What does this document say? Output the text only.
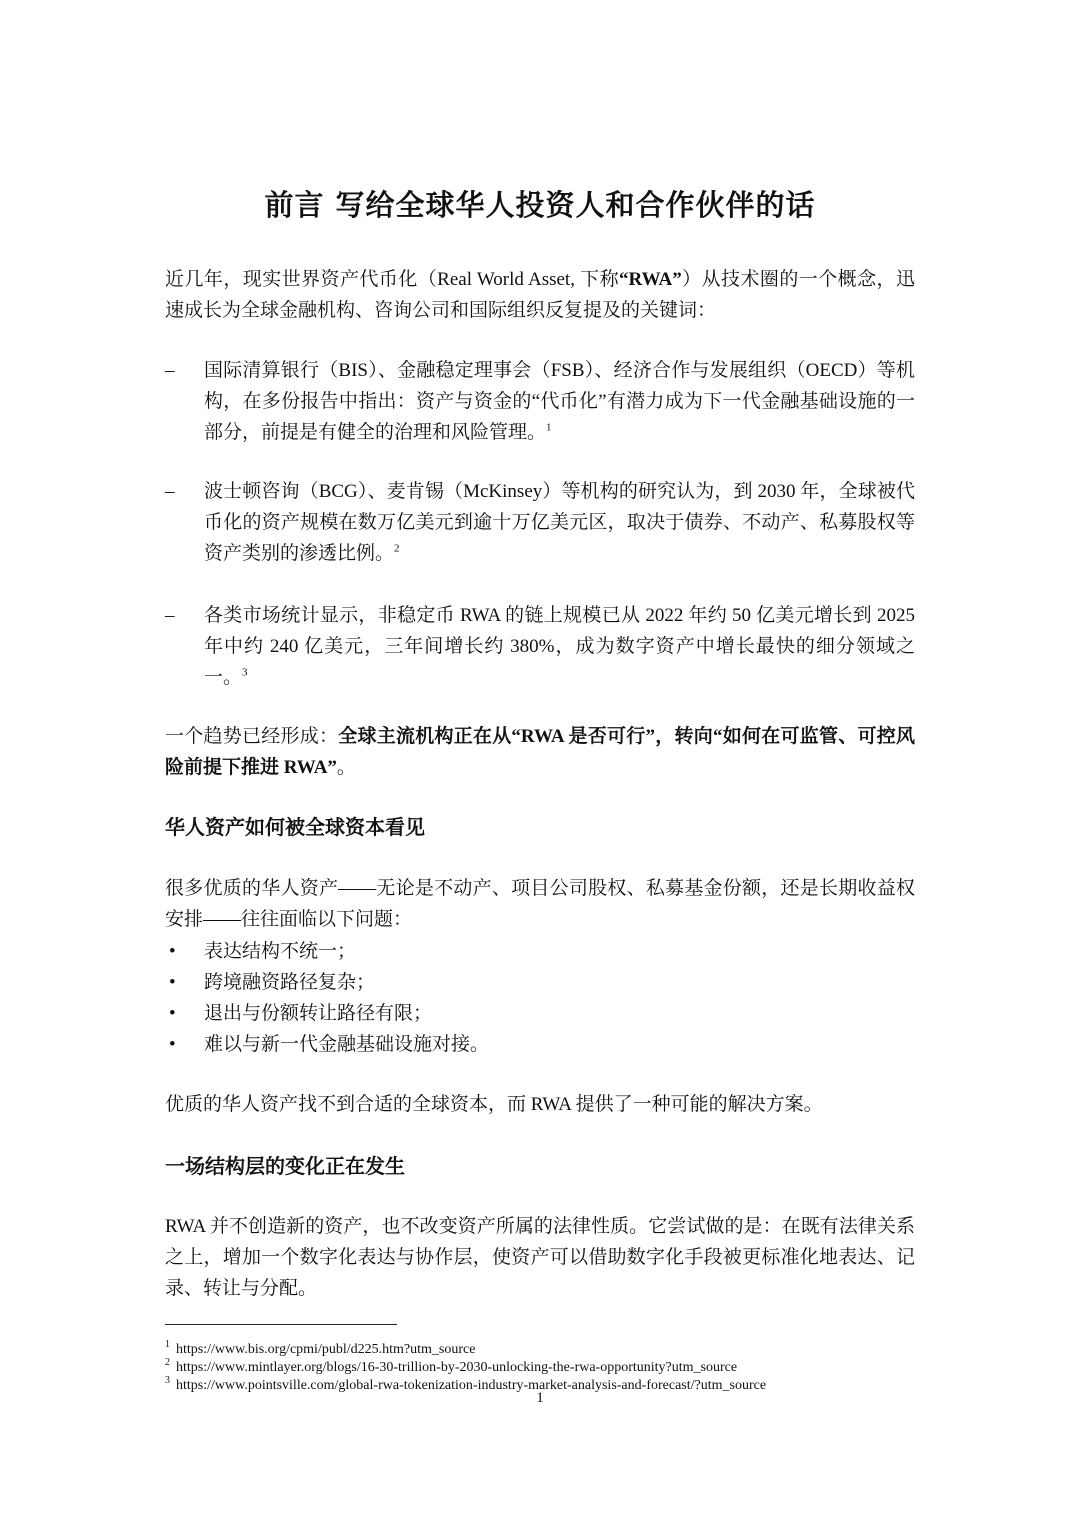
前言 写给全球华人投资人和合作伙伴的话
近几年，现实世界资产代币化（Real World Asset, 下称“RWA”）从技术圈的一个概念，迅速成长为全球金融机构、咨询公司和国际组织反复提及的关键词：
–	国际清算银行（BIS）、金融稳定理事会（FSB）、经济合作与发展组织（OECD）等机构，在多份报告中指出：资产与资金的“代币化”有潜力成为下一代金融基础设施的一部分，前提是有健全的治理和风险管理。$^1$
–	波士顿咨询（BCG）、麦肯锡（McKinsey）等机构的研究认为，到 2030 年，全球被代币化的资产规模在数万亿美元到逾十万亿美元区，取决于债券、不动产、私募股权等资产类别的渗透比例。$^2$
–	各类市场统计显示，非稳定币 RWA 的链上规模已从 2022 年约 50 亿美元增长到 2025 年中约 240 亿美元，三年间增长约 380%，成为数字资产中增长最快的细分领域之一。$^3$
一个趋势已经形成：全球主流机构正在从“RWA 是否可行”，转向“如何在可监管、可控风险前提下推进 RWA”。
华人资产如何被全球资本看见
很多优质的华人资产——无论是不动产、项目公司股权、私募基金份额，还是长期收益权安排——往往面临以下问题：
• 表达结构不统一；
• 跨境融资路径复杂；
• 退出与份额转让路径有限；
• 难以与新一代金融基础设施对接。
优质的华人资产找不到合适的全球资本，而 RWA 提供了一种可能的解决方案。
一场结构层的变化正在发生
RWA 并不创造新的资产，也不改变资产所属的法律性质。它尝试做的是：在既有法律关系之上，增加一个数字化表达与协作层，使资产可以借助数字化手段被更标准化地表达、记录、转让与分配。
$^1$ https://www.bis.org/cpmi/publ/d225.htm?utm_source
$^2$ https://www.mintlayer.org/blogs/16-30-trillion-by-2030-unlocking-the-rwa-opportunity?utm_source
$^3$ https://www.pointsville.com/global-rwa-tokenization-industry-market-analysis-and-forecast/?utm_source
1
